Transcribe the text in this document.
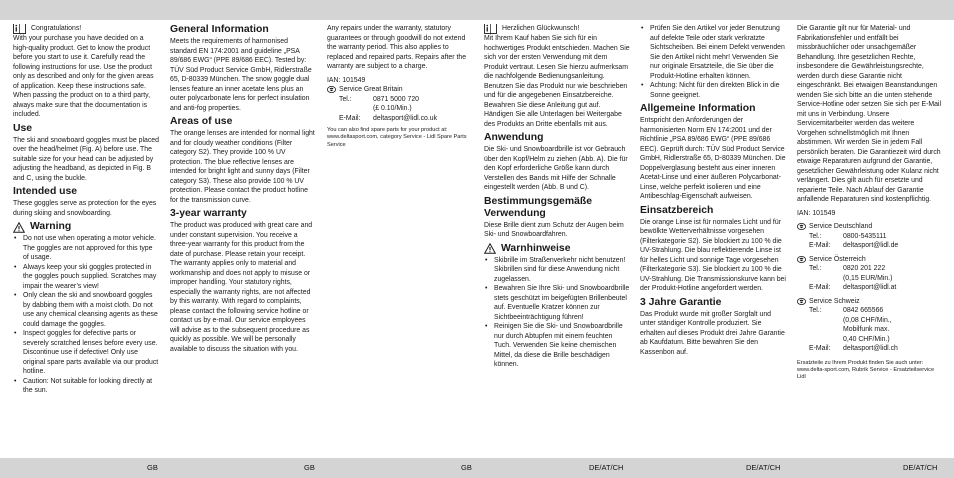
Congratulations!

With your purchase you have decided on a high-quality product. Get to know the product before you start to use it. Carefully read the following instructions for use. Use the product only as described and only for the given areas of application. Keep these instructions safe. When passing the product on to a third party, always make sure that the documentation is included.

Use

The ski and snowboard goggles must be placed over the head/helmet (Fig. A) before use. The suitable size for your head can be adjusted by adjusting the headband, as depicted in Fig. B and C, using the buckle.

Intended use

These goggles serve as protection for the eyes during skiing and snowboarding.

Warning
• Do not use when operating a motor vehicle. The goggles are not approved for this type of usage.
• Always keep your ski goggles protected in the goggles pouch supplied. Scratches may impair the wearer’s view!
• Only clean the ski and snowboard goggles by dabbing them with a moist cloth. Do not use any chemical cleansing agents as these could damage the goggles.
• Inspect goggles for defective parts or severely scratched lenses before every use. Discontinue use if defective! Only use original spare parts available via our product hotline.
• Caution: Not suitable for looking directly at the sun.
General Information

Meets the requirements of harmonised standard EN 174:2001 and guideline „PSA 89/686 EWG“ (PPE 89/686 EEC). Tested by: TÜV Süd Product Service GmbH, Ridlerstraße 65, D-80339 München. The snow goggle dual lenses feature an inner acetate lens plus an outer polycarbonate lens for perfect insulation and anti-fog properties.

Areas of use

The orange lenses are intended for normal light and for cloudy weather conditions (Filter category S2). They provide 100 % UV protection. The blue reflective lenses are intended for bright light and sunny days (Filter category S3). These also provide 100 % UV protection. Please contact the product hotline for the transmission curve.

3-year warranty

The product was produced with great care and under constant supervision. You receive a three-year warranty for this product from the date of purchase. Please retain your receipt. The warranty applies only to material and workmanship and does not apply to misuse or improper handling. Your statutory rights, especially the warranty rights, are not affected by this warranty. With regard to complaints, please contact the following service hotline or contact us by e-mail. Our service employees will advise as to the subsequent procedure as quickly as possible. We will be personally available to discuss the situation with you.

Any repairs under the warranty, statutory guarantees or through goodwill do not extend the warranty period. This also applies to replaced and repaired parts. Repairs after the warranty are subject to a charge.

IAN: 101549

Service Great Britain
Tel.:	0871 5000 720
(£ 0.10/Min.)
E-Mail:	deltasport@lidl.co.uk

You can also find spare parts for your product at: www.deltasport.com, category Service - Lidl Spare Parts Service

Herzlichen Glückwunsch!

Mit Ihrem Kauf haben Sie sich für ein hochwertiges Produkt entschieden. Machen Sie sich vor der ersten Verwendung mit dem Produkt vertraut. Lesen Sie hierzu aufmerksam die nachfolgende Bedienungsanleitung. Benutzen Sie das Produkt nur wie beschrieben und für die angegebenen Einsatzbereiche. Bewahren Sie diese Anleitung gut auf. Händigen Sie alle Unterlagen bei Weitergabe des Produkts an Dritte ebenfalls mit aus.

Anwendung

Die Ski- und Snowboardbrille ist vor Gebrauch über den Kopf/Helm zu ziehen (Abb. A). Die für den Kopf erforderliche Größe kann durch Verstellen des Bands mit Hilfe der Schnalle eingestellt werden (Abb. B und C).

Bestimmungsgemäße Verwendung

Diese Brille dient zum Schutz der Augen beim Ski- und Snowboardfahren.

Warnhinweise
• Skibrille im Straßenverkehr nicht benutzen! Skibrillen sind für diese Anwendung nicht zugelassen.
• Bewahren Sie Ihre Ski- und Snowboardbrille stets geschützt im beigefügten Brillenbeutel auf. Eventuelle Kratzer können zur Sichtbeeinträchtigung führen!
• Reinigen Sie die Ski- und Snowboardbrille nur durch Abtupfen mit einem feuchten Tuch. Verwenden Sie keine chemischen Mittel, da diese die Brille beschädigen können.
• Prüfen Sie den Artikel vor jeder Benutzung auf defekte Teile oder stark verkratzte Sichtscheiben. Bei einem Defekt verwenden Sie den Artikel nicht mehr! Verwenden Sie nur originale Ersatzteile, die Sie über die Produkt-Hotline erhalten können.
• Achtung: Nicht für den direkten Blick in die Sonne geeignet.
Allgemeine Information

Entspricht den Anforderungen der harmonisierten Norm EN 174:2001 und der Richtlinie „PSA 89/686 EWG“ (PPE 89/686 EEC). Geprüft durch: TÜV Süd Product Service GmbH, Ridlerstraße 65, D-80339 München. Die Doppelverglasung besteht aus einer inneren Acetat-Linse und einer äußeren Polycarbonat-Linse, welche perfekt isolieren und eine Antibeschlag-Eigenschaft aufweisen.

Einsatzbereich

Die orange Linse ist für normales Licht und für bewölkte Wetterverhältnisse vorgesehen (Filterkategorie S2). Sie blockiert zu 100 % die UV-Strahlung. Die blau reflektierende Linse ist für helles Licht und sonnige Tage vorgesehen (Filterkategorie S3). Sie blockiert zu 100 % die UV-Strahlung. Die Transmissionskurve kann bei der Produkt-Hotline angefordert werden.

3 Jahre Garantie

Das Produkt wurde mit großer Sorgfalt und unter ständiger Kontrolle produziert. Sie erhalten auf dieses Produkt drei Jahre Garantie ab Kaufdatum. Bitte bewahren Sie den Kassenbon auf.

Die Garantie gilt nur für Material- und Fabrikationsfehler und entfällt bei missbräuchlicher oder unsachgemäßer Behandlung. Ihre gesetzlichen Rechte, insbesondere die Gewährleistungsrechte, werden durch diese Garantie nicht eingeschränkt. Bei etwaigen Beanstandungen wenden Sie sich bitte an die unten stehende Service-Hotline oder setzen Sie sich per E-Mail mit uns in Verbindung. Unsere Servicemitarbeiter werden das weitere Vorgehen schnellstmöglich mit Ihnen abstimmen. Wir werden Sie in jedem Fall persönlich beraten. Die Garantiezeit wird durch etwaige Reparaturen aufgrund der Garantie, gesetzlicher Gewährleistung oder Kulanz nicht verlängert. Dies gilt auch für ersetzte und reparierte Teile. Nach Ablauf der Garantie anfallende Reparaturen sind kostenpflichtig.

IAN: 101549

Service Deutschland
Tel.:	0800-5435111
E-Mail:	deltasport@lidl.de
Service Österreich
Tel.:	0820 201 222
(0,15 EUR/Min.)
E-Mail:	deltasport@lidl.at
Service Schweiz
Tel.:	0842 665566
(0,08 CHF/Min.,
Mobilfunk max.
0,40 CHF/Min.)
E-Mail:	deltasport@lidl.ch

Ersatzteile zu Ihrem Produkt finden Sie auch unter: www.delta-sport.com, Rubrik Service - Ersatzteilservice Lidl

GB	GB	GB	DE/AT/CH	DE/AT/CH	DE/AT/CH
